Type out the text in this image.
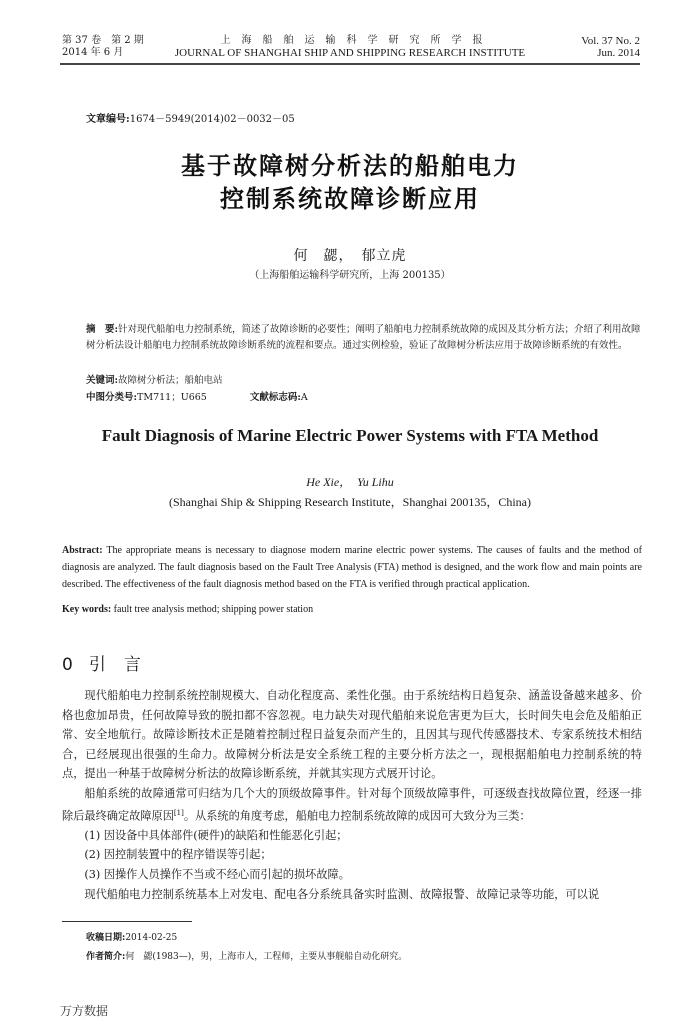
第 37 卷　第 2 期
2014 年 6 月
上海船舶运输科学研究所学报
JOURNAL OF SHANGHAI SHIP AND SHIPPING RESEARCH INSTITUTE
Vol. 37 No. 2
Jun. 2014
文章编号:1674－5949(2014)02－0032－05
基于故障树分析法的船舶电力
控制系统故障诊断应用
何　勰，　郁立虎
（上海船舶运输科学研究所，上海 200135）
摘　要:针对现代船舶电力控制系统，简述了故障诊断的必要性；阐明了船舶电力控制系统故障的成因及其分析方法；介绍了利用故障树分析法设计船舶电力控制系统故障诊断系统的流程和要点。通过实例检验，验证了故障树分析法应用于故障诊断系统的有效性。
关键词:故障树分析法；船舶电站
中图分类号:TM711；U665	文献标志码:A
Fault Diagnosis of Marine Electric Power Systems with FTA Method
He Xie，　Yu Lihu
(Shanghai Ship & Shipping Research Institute，Shanghai 200135，China)
Abstract: The appropriate means is necessary to diagnose modern marine electric power systems. The causes of faults and the method of diagnosis are analyzed. The fault diagnosis based on the Fault Tree Analysis (FTA) method is designed, and the work flow and main points are described. The effectiveness of the fault diagnosis method based on the FTA is verified through practical application.
Key words: fault tree analysis method; shipping power station
0 引言

现代船舶电力控制系统控制规模大、自动化程度高、柔性化强。由于系统结构日趋复杂、涵盖设备越来越多、价格也愈加昂贵，任何故障导致的脱扣都不容忽视。电力缺失对现代船舶来说危害更为巨大，长时间失电会危及船舶正常、安全地航行。故障诊断技术正是随着控制过程日益复杂而产生的，且因其与现代传感器技术、专家系统技术相结合，已经展现出很强的生命力。故障树分析法是安全系统工程的主要分析方法之一，现根据船舶电力控制系统的特点，提出一种基于故障树分析法的故障诊断系统，并就其实现方式展开讨论。

船舶系统的故障通常可归结为几个大的顶级故障事件。针对每个顶级故障事件，可逐级查找故障位置，经逐一排除后最终确定故障原因[1]。从系统的角度考虑，船舶电力控制系统故障的成因可大致分为三类：

(1) 因设备中具体部件(硬件)的缺陷和性能恶化引起；

(2) 因控制装置中的程序错误等引起；

(3) 因操作人员操作不当或不经心而引起的损坏故障。

现代船舶电力控制系统基本上对发电、配电各分系统具备实时监测、故障报警、故障记录等功能，可以说

收稿日期:2014-02-25
作者简介:何　勰(1983—)，男，上海市人，工程师，主要从事舰船自动化研究。
万方数据
